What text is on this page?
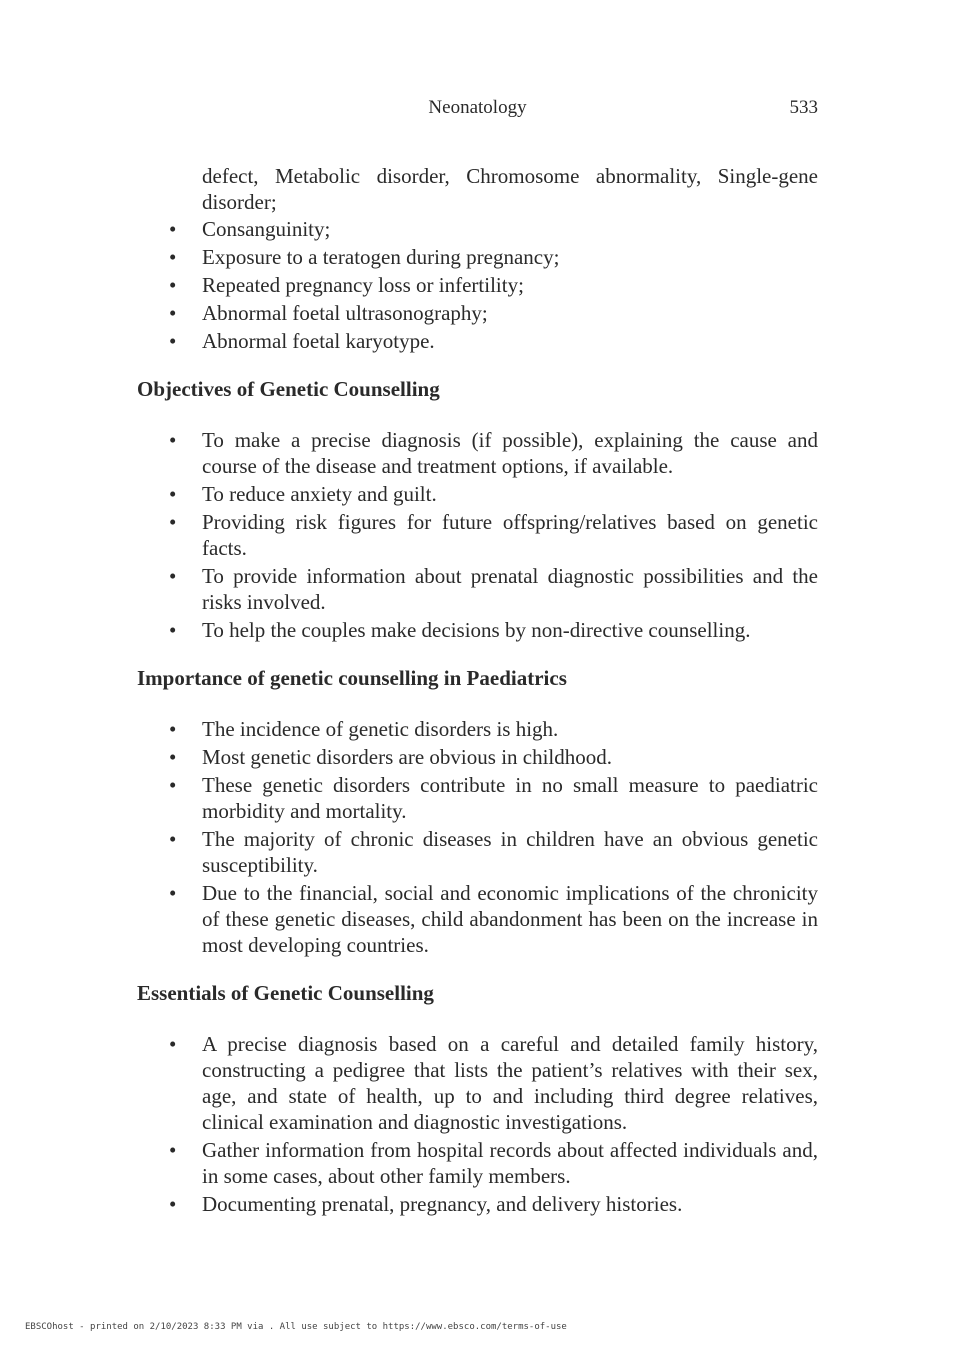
Neonatology	533

defect, Metabolic disorder, Chromosome abnormality, Single-gene disorder;

• Consanguinity;
• Exposure to a teratogen during pregnancy;
• Repeated pregnancy loss or infertility;
• Abnormal foetal ultrasonography;
• Abnormal foetal karyotype.
Objectives of Genetic Counselling
• To make a precise diagnosis (if possible), explaining the cause and course of the disease and treatment options, if available.
• To reduce anxiety and guilt.
• Providing risk figures for future offspring/relatives based on genetic facts.
• To provide information about prenatal diagnostic possibilities and the risks involved.
• To help the couples make decisions by non-directive counselling.
Importance of genetic counselling in Paediatrics
• The incidence of genetic disorders is high.
• Most genetic disorders are obvious in childhood.
• These genetic disorders contribute in no small measure to paediatric morbidity and mortality.
• The majority of chronic diseases in children have an obvious genetic susceptibility.
• Due to the financial, social and economic implications of the chronicity of these genetic diseases, child abandonment has been on the increase in most developing countries.
Essentials of Genetic Counselling
• A precise diagnosis based on a careful and detailed family history, constructing a pedigree that lists the patient’s relatives with their sex, age, and state of health, up to and including third degree relatives, clinical examination and diagnostic investigations.
• Gather information from hospital records about affected individuals and, in some cases, about other family members.
• Documenting prenatal, pregnancy, and delivery histories.
EBSCOhost - printed on 2/10/2023 8:33 PM via . All use subject to https://www.ebsco.com/terms-of-use
